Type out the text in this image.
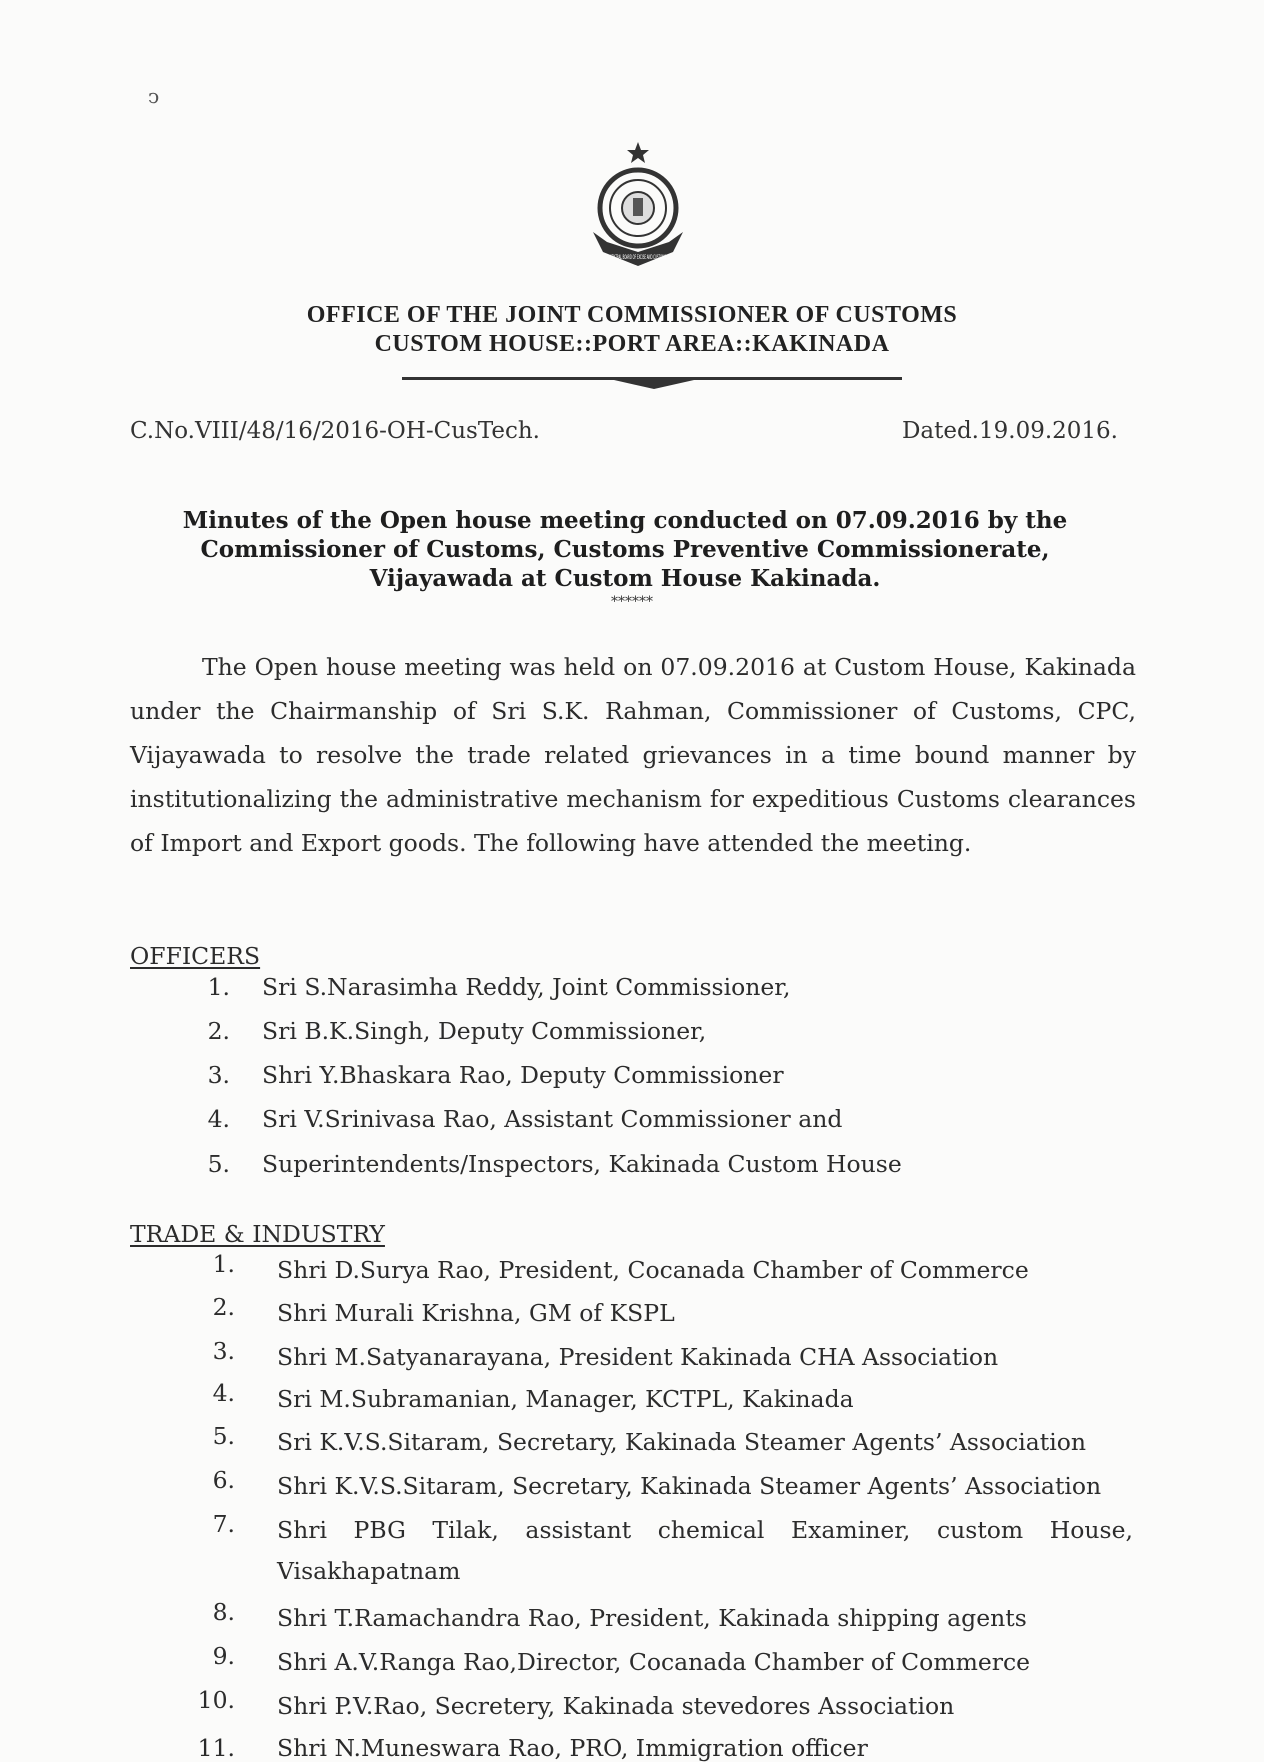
ↄ
CENTRAL BOARD OF EXCISE AND CUSTOMS
OFFICE OF THE JOINT COMMISSIONER OF CUSTOMS
CUSTOM HOUSE::PORT AREA::KAKINADA
C.No.VIII/48/16/2016-OH-CusTech.	Dated.19.09.2016.
Minutes of the Open house meeting conducted on 07.09.2016 by the
Commissioner of Customs, Customs Preventive Commissionerate,
Vijayawada at Custom House Kakinada.
******
The Open house meeting was held on 07.09.2016 at Custom House, Kakinada under the Chairmanship of Sri S.K. Rahman, Commissioner of Customs, CPC, Vijayawada to resolve the trade related grievances in a time bound manner by institutionalizing the administrative mechanism for expeditious Customs clearances of Import and Export goods. The following have attended the meeting.
OFFICERS
1. Sri S.Narasimha Reddy, Joint Commissioner,
2. Sri B.K.Singh, Deputy Commissioner,
3. Shri Y.Bhaskara Rao, Deputy Commissioner
4. Sri V.Srinivasa Rao, Assistant Commissioner and
5. Superintendents/Inspectors, Kakinada Custom House
TRADE & INDUSTRY
1. Shri D.Surya Rao, President, Cocanada Chamber of Commerce
2. Shri Murali Krishna, GM of KSPL
3. Shri M.Satyanarayana, President Kakinada CHA Association
4. Sri M.Subramanian, Manager, KCTPL, Kakinada
5. Sri K.V.S.Sitaram, Secretary, Kakinada Steamer Agents’ Association
6. Shri K.V.S.Sitaram, Secretary, Kakinada Steamer Agents’ Association
7. Shri PBG Tilak, assistant chemical Examiner, custom House,
Visakhapatnam
8. Shri T.Ramachandra Rao, President, Kakinada shipping agents
9. Shri A.V.Ranga Rao,Director, Cocanada Chamber of Commerce
10. Shri P.V.Rao, Secretery, Kakinada stevedores Association
11. Shri N.Muneswara Rao, PRO, Immigration officer
